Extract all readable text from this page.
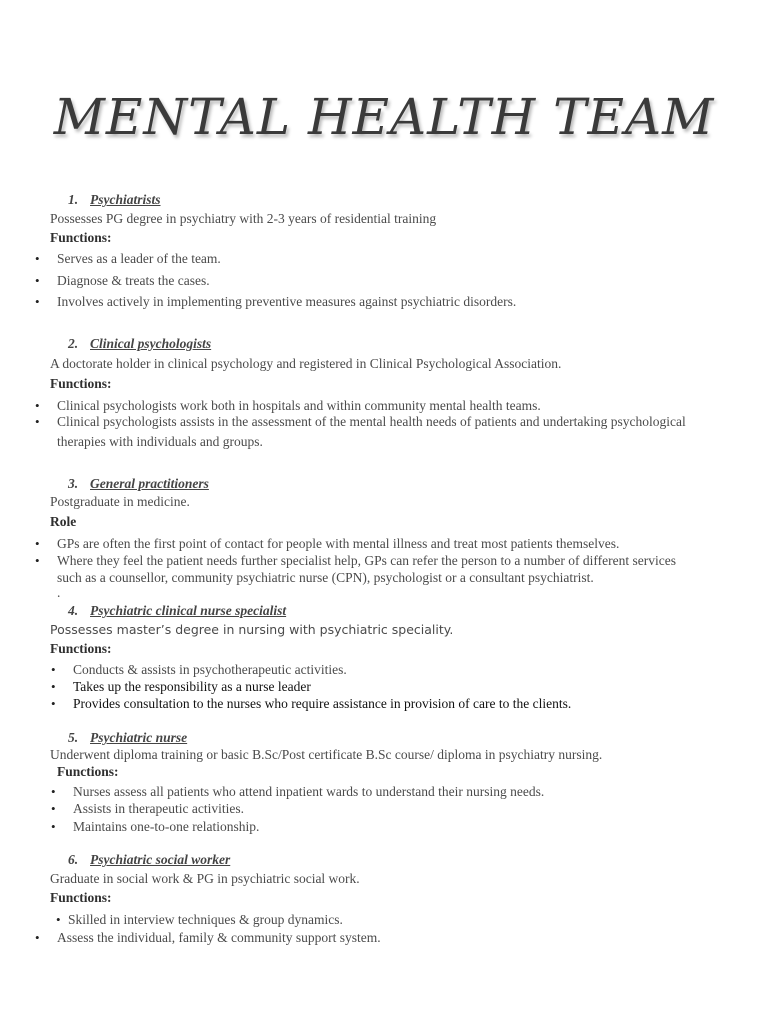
MENTAL HEALTH TEAM
1. Psychiatrists
Possesses PG degree in psychiatry with 2-3 years of residential training
Functions:
• Serves as a leader of the team.
• Diagnose & treats the cases.
• Involves actively in implementing preventive measures against psychiatric disorders.
2. Clinical psychologists
A doctorate holder in clinical psychology and registered in Clinical Psychological Association.
Functions:
• Clinical psychologists work both in hospitals and within community mental health teams.
• Clinical psychologists assists in the assessment of the mental health needs of patients and undertaking psychological
therapies with individuals and groups.
3. General practitioners
Postgraduate in medicine.
Role
• GPs are often the first point of contact for people with mental illness and treat most patients themselves.
• Where they feel the patient needs further specialist help, GPs can refer the person to a number of different services
such as a counsellor, community psychiatric nurse (CPN), psychologist or a consultant psychiatrist.
.
4. Psychiatric clinical nurse specialist
Possesses master’s degree in nursing with psychiatric speciality.
Functions:
• Conducts & assists in psychotherapeutic activities.
• Takes up the responsibility as a nurse leader
• Provides consultation to the nurses who require assistance in provision of care to the clients.
5. Psychiatric nurse
Underwent diploma training or basic B.Sc/Post certificate B.Sc course/ diploma in psychiatry nursing.
Functions:
• Nurses assess all patients who attend inpatient wards to understand their nursing needs.
• Assists in therapeutic activities.
• Maintains one-to-one relationship.
6. Psychiatric social worker
Graduate in social work & PG in psychiatric social work.
Functions:
• Skilled in interview techniques & group dynamics.
• Assess the individual, family & community support system.
